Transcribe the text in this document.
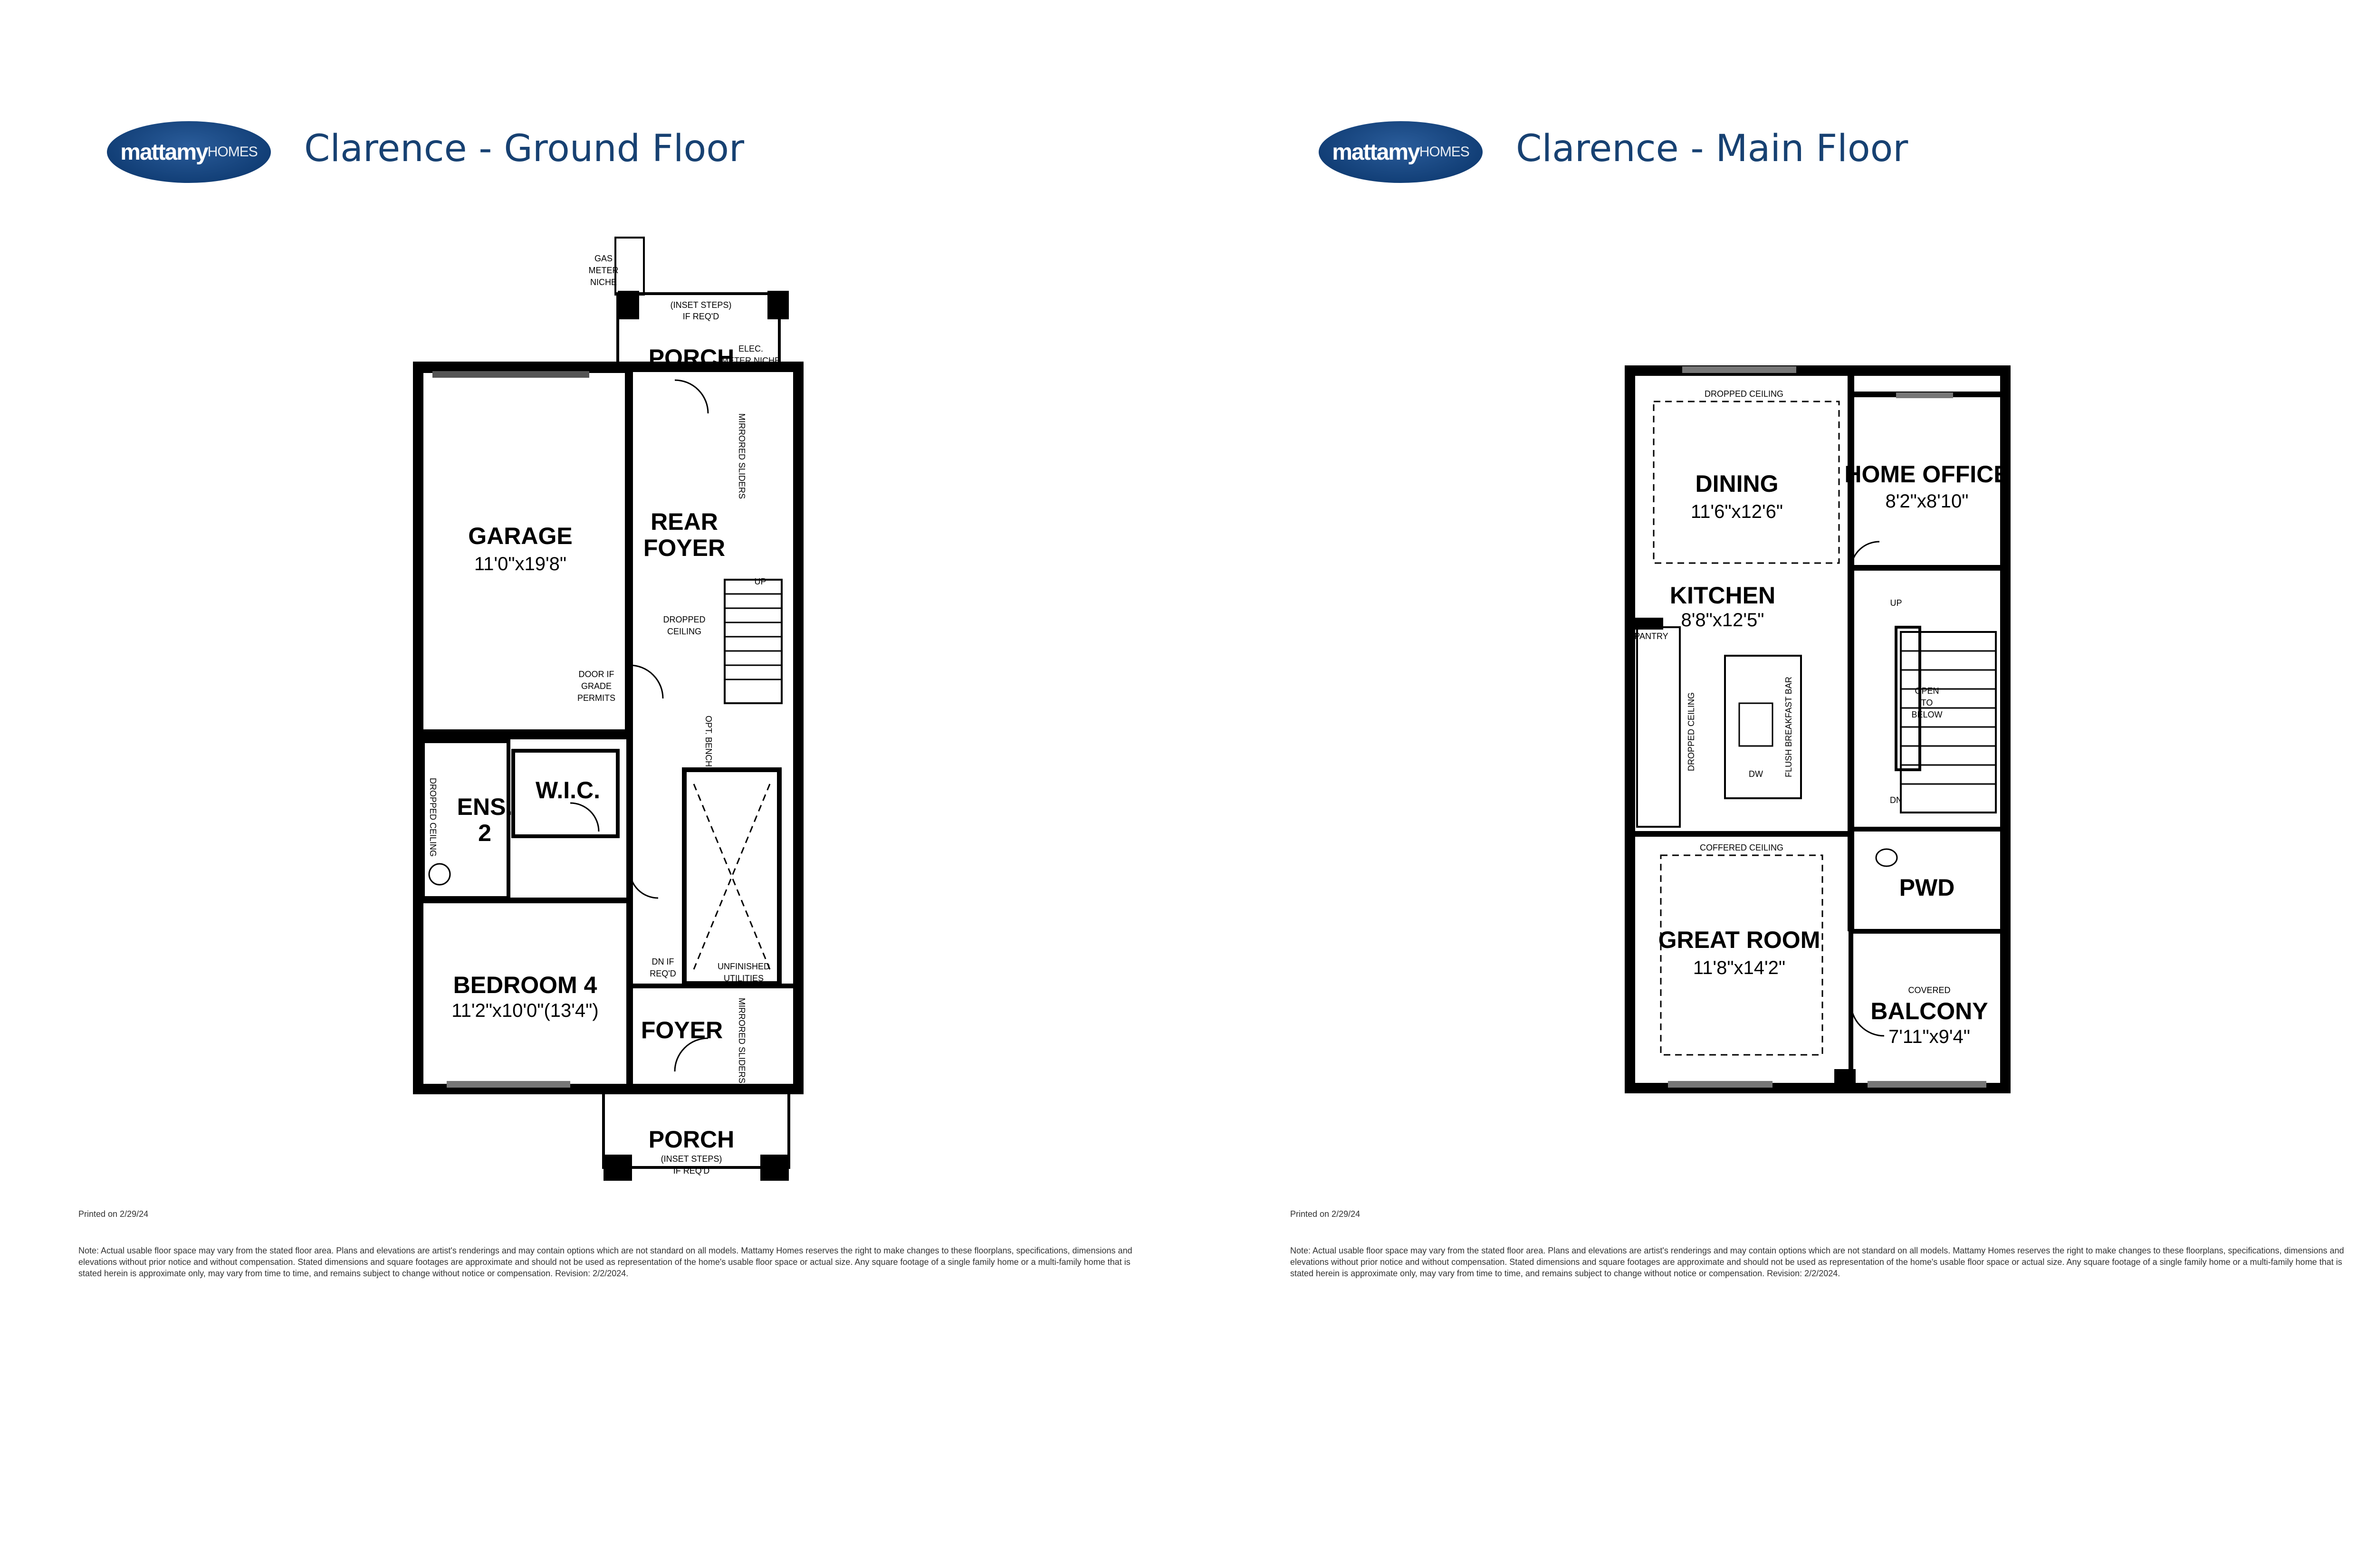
mattamy HOMES Clarence - Ground Floor
GARAGE
11'0"x19'8"
REAR
FOYER
PORCH
ENS.
2
W.I.C.
BEDROOM 4
11'2"x10'0"(13'4")
FOYER
PORCH
GAS
METER
NICHE
(INSET STEPS)
IF REQ'D
ELEC.
METER NICHE
UP
DROPPED
CEILING
DOOR IF
GRADE
PERMITS
DN IF
REQ'D
UNFINISHED
UTILITIES
(INSET STEPS)
IF REQ'D
MIRRORED SLIDERS
OPT. BENCH
DROPPED CEILING
MIRRORED SLIDERS
Printed on 2/29/24
Note: Actual usable floor space may vary from the stated floor area. Plans and elevations are artist's renderings and may contain options which are not standard on all models. Mattamy Homes reserves the right to make changes to these floorplans, specifications, dimensions and elevations without prior notice and without compensation. Stated dimensions and square footages are approximate and should not be used as representation of the home's usable floor space or actual size. Any square footage of a single family home or a multi-family home that is stated herein is approximate only, may vary from time to time, and remains subject to change without notice or compensation. Revision: 2/2/2024.
mattamy HOMES Clarence - Main Floor
DINING
11'6"x12'6"
HOME OFFICE
8'2"x8'10"
KITCHEN
8'8"x12'5"
GREAT ROOM
11'8"x14'2"
PWD
COVERED
BALCONY
7'11"x9'4"
DROPPED CEILING
PANTRY
UP
OPEN
TO
BELOW
DN
DW
COFFERED CEILING
DROPPED CEILING	FLUSH BREAKFAST BAR
Printed on 2/29/24
Note: Actual usable floor space may vary from the stated floor area. Plans and elevations are artist's renderings and may contain options which are not standard on all models. Mattamy Homes reserves the right to make changes to these floorplans, specifications, dimensions and elevations without prior notice and without compensation. Stated dimensions and square footages are approximate and should not be used as representation of the home's usable floor space or actual size. Any square footage of a single family home or a multi-family home that is stated herein is approximate only, may vary from time to time, and remains subject to change without notice or compensation. Revision: 2/2/2024.
